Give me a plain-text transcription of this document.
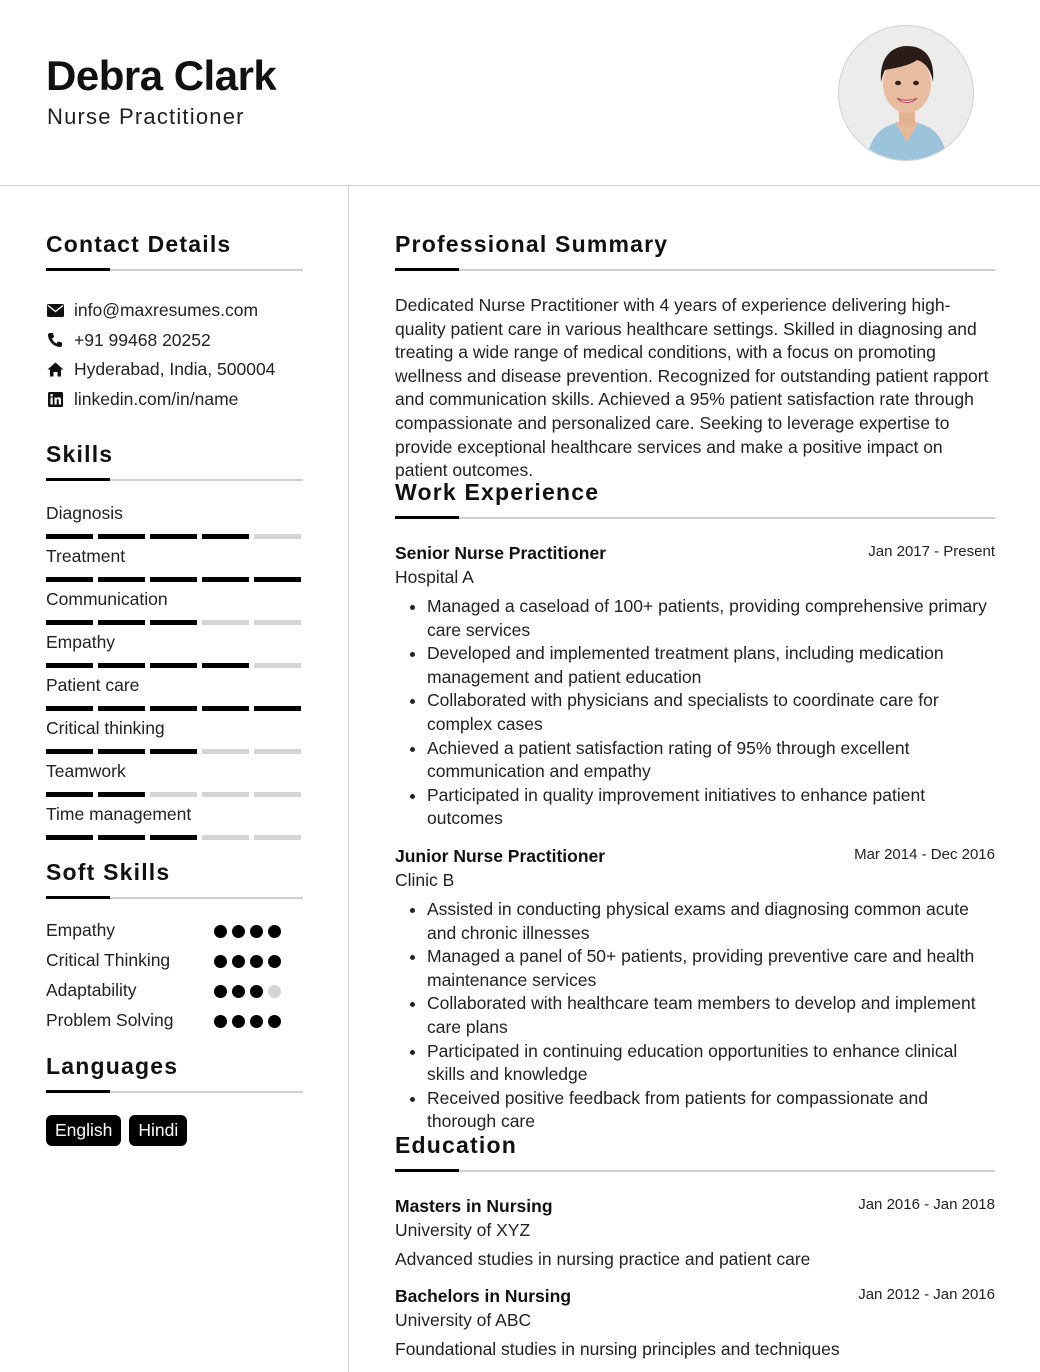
Debra Clark
Nurse Practitioner
Contact Details
info@maxresumes.com
+91 99468 20252
Hyderabad, India, 500004
linkedin.com/in/name
Skills
Diagnosis
Treatment
Communication
Empathy
Patient care
Critical thinking
Teamwork
Time management
Soft Skills
Empathy
Critical Thinking
Adaptability
Problem Solving
Languages
English	Hindi
Professional Summary
Dedicated Nurse Practitioner with 4 years of experience delivering high-quality patient care in various healthcare settings. Skilled in diagnosing and treating a wide range of medical conditions, with a focus on promoting wellness and disease prevention. Recognized for outstanding patient rapport and communication skills. Achieved a 95% patient satisfaction rate through compassionate and personalized care. Seeking to leverage expertise to provide exceptional healthcare services and make a positive impact on patient outcomes.
Work Experience
Senior Nurse Practitioner	Jan 2017 - Present
Hospital A
• Managed a caseload of 100+ patients, providing comprehensive primary care services
• Developed and implemented treatment plans, including medication management and patient education
• Collaborated with physicians and specialists to coordinate care for complex cases
• Achieved a patient satisfaction rating of 95% through excellent communication and empathy
• Participated in quality improvement initiatives to enhance patient outcomes
Junior Nurse Practitioner	Mar 2014 - Dec 2016
Clinic B
• Assisted in conducting physical exams and diagnosing common acute and chronic illnesses
• Managed a panel of 50+ patients, providing preventive care and health maintenance services
• Collaborated with healthcare team members to develop and implement care plans
• Participated in continuing education opportunities to enhance clinical skills and knowledge
• Received positive feedback from patients for compassionate and thorough care
Education
Masters in Nursing	Jan 2016 - Jan 2018
University of XYZ
Advanced studies in nursing practice and patient care
Bachelors in Nursing	Jan 2012 - Jan 2016
University of ABC
Foundational studies in nursing principles and techniques
